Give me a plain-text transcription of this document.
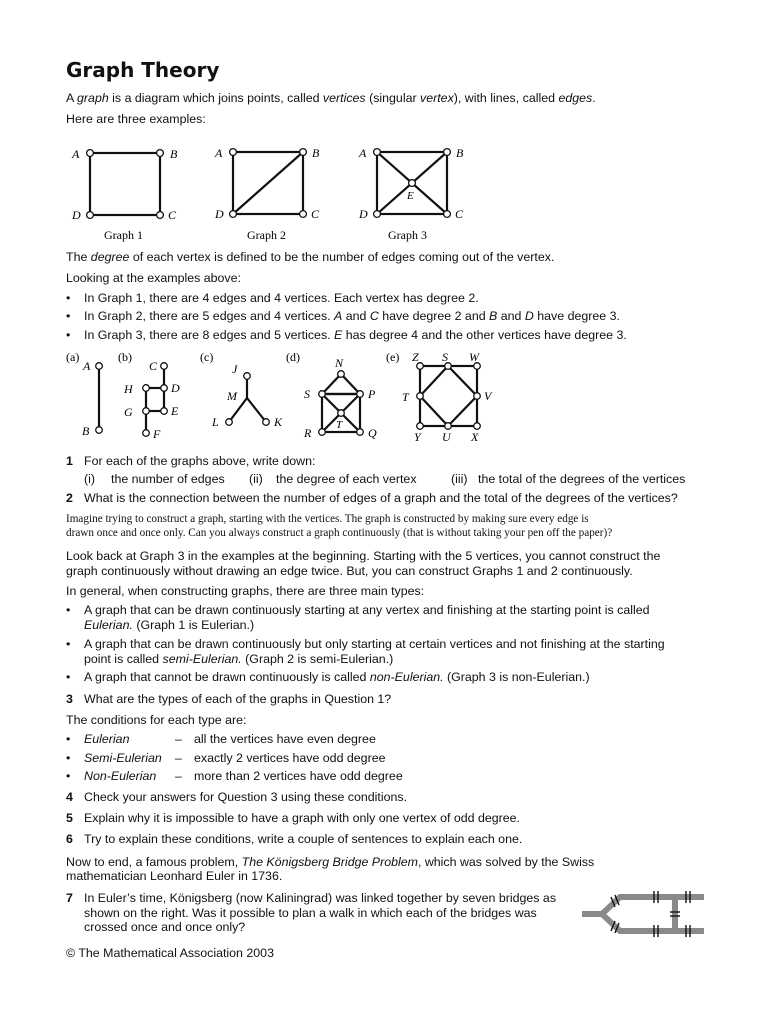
Graph Theory
A graph is a diagram which joins points, called vertices (singular vertex), with lines, called edges.
Here are three examples:
A	B
C
D
Graph 1
A	B
C
D
Graph 2
A	B
C
D
E
Graph 3
The degree of each vertex is defined to be the number of edges coming out of the vertex.
Looking at the examples above:
• In Graph 1, there are 4 edges and 4 vertices. Each vertex has degree 2.
• In Graph 2, there are 5 edges and 4 vertices. A and C have degree 2 and B and D have degree 3.
• In Graph 3, there are 8 edges and 5 vertices. E has degree 4 and the other vertices have degree 3.
(a)
A
B
(b)
C
H	D
G	E
F
(c)
J
M
L	K
(d)	N
S	P
T
R	Q
(e) Z S W
T	V
Y U X
1 For each of the graphs above, write down:
(i) the number of edges (ii) the degree of each vertex	(iii) the total of the degrees of the vertices
2 What is the connection between the number of edges of a graph and the total of the degrees of the vertices?
Imagine trying to construct a graph, starting with the vertices. The graph is constructed by making sure every edge is
drawn once and once only. Can you always construct a graph continuously (that is without taking your pen off the paper)?
Look back at Graph 3 in the examples at the beginning. Starting with the 5 vertices, you cannot construct the
graph continuously without drawing an edge twice. But, you can construct Graphs 1 and 2 continuously.
In general, when constructing graphs, there are three main types:
• A graph that can be drawn continuously starting at any vertex and finishing at the starting point is called
Eulerian. (Graph 1 is Eulerian.)
• A graph that can be drawn continuously but only starting at certain vertices and not finishing at the starting
point is called semi-Eulerian. (Graph 2 is semi-Eulerian.)
• A graph that cannot be drawn continuously is called non-Eulerian. (Graph 3 is non-Eulerian.)
3 What are the types of each of the graphs in Question 1?
The conditions for each type are:
• Eulerian	– all the vertices have even degree
• Semi-Eulerian – exactly 2 vertices have odd degree
• Non-Eulerian – more than 2 vertices have odd degree
4 Check your answers for Question 3 using these conditions.
5 Explain why it is impossible to have a graph with only one vertex of odd degree.
6 Try to explain these conditions, write a couple of sentences to explain each one.
Now to end, a famous problem, The Königsberg Bridge Problem, which was solved by the Swiss
mathematician Leonhard Euler in 1736.
7 In Euler’s time, Königsberg (now Kaliningrad) was linked together by seven bridges as
shown on the right. Was it possible to plan a walk in which each of the bridges was
crossed once and once only?
© The Mathematical Association 2003
